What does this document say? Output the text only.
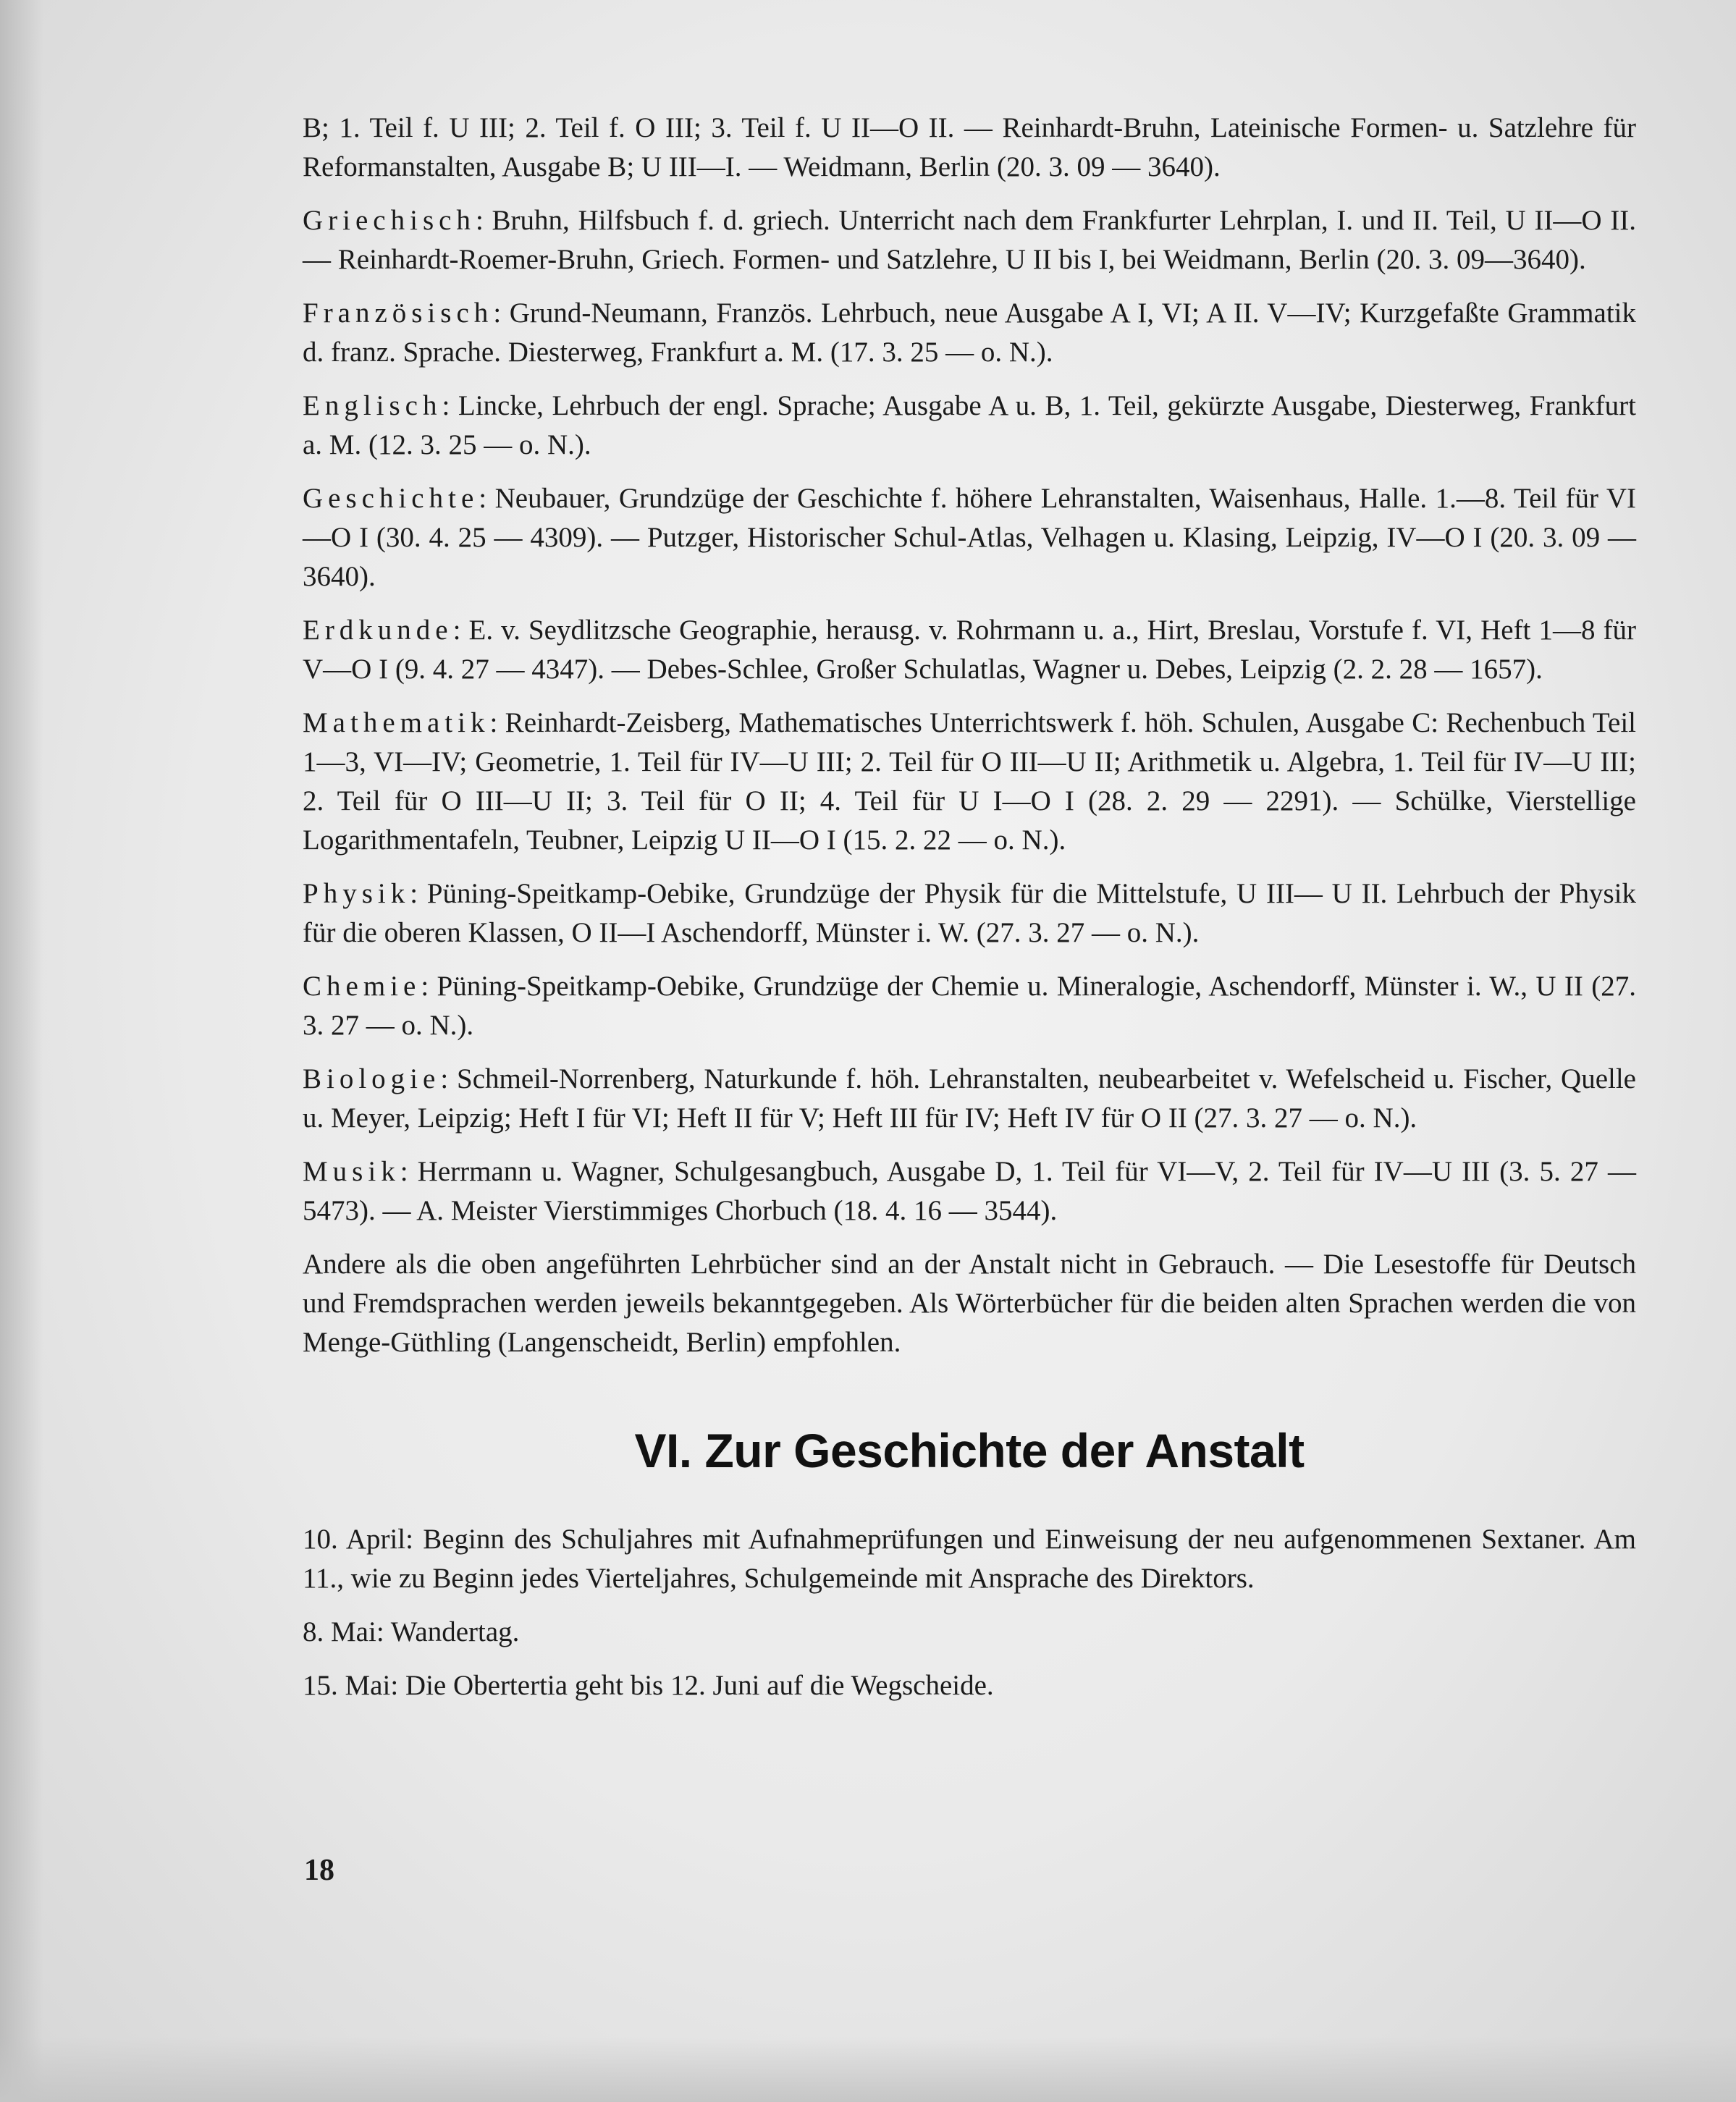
B; 1. Teil f. U III; 2. Teil f. O III; 3. Teil f. U II—O II. — Reinhardt-Bruhn, Lateinische Formen- u. Satzlehre für Reformanstalten, Ausgabe B; U III—I. — Weidmann, Berlin (20. 3. 09 — 3640).

Griechisch: Bruhn, Hilfsbuch f. d. griech. Unterricht nach dem Frankfurter Lehrplan, I. und II. Teil, U II—O II. — Reinhardt-Roemer-Bruhn, Griech. Formen- und Satzlehre, U II bis I, bei Weidmann, Berlin (20. 3. 09—3640).

Französisch: Grund-Neumann, Französ. Lehrbuch, neue Ausgabe A I, VI; A II. V—IV; Kurzgefaßte Grammatik d. franz. Sprache. Diesterweg, Frankfurt a. M. (17. 3. 25 — o. N.).

Englisch: Lincke, Lehrbuch der engl. Sprache; Ausgabe A u. B, 1. Teil, gekürzte Ausgabe, Diesterweg, Frankfurt a. M. (12. 3. 25 — o. N.).

Geschichte: Neubauer, Grundzüge der Geschichte f. höhere Lehranstalten, Waisenhaus, Halle. 1.—8. Teil für VI—O I (30. 4. 25 — 4309). — Putzger, Historischer Schul-Atlas, Velhagen u. Klasing, Leipzig, IV—O I (20. 3. 09 —3640).

Erdkunde: E. v. Seydlitzsche Geographie, herausg. v. Rohrmann u. a., Hirt, Breslau, Vorstufe f. VI, Heft 1—8 für V—O I (9. 4. 27 — 4347). — Debes-Schlee, Großer Schulatlas, Wagner u. Debes, Leipzig (2. 2. 28 — 1657).

Mathematik: Reinhardt-Zeisberg, Mathematisches Unterrichtswerk f. höh. Schulen, Ausgabe C: Rechenbuch Teil 1—3, VI—IV; Geometrie, 1. Teil für IV—U III; 2. Teil für O III—U II; Arithmetik u. Algebra, 1. Teil für IV—U III; 2. Teil für O III—U II; 3. Teil für O II; 4. Teil für U I—O I (28. 2. 29 — 2291). — Schülke, Vierstellige Logarithmentafeln, Teubner, Leipzig U II—O I (15. 2. 22 — o. N.).

Physik: Püning-Speitkamp-Oebike, Grundzüge der Physik für die Mittelstufe, U III— U II. Lehrbuch der Physik für die oberen Klassen, O II—I Aschendorff, Münster i. W. (27. 3. 27 — o. N.).

Chemie: Püning-Speitkamp-Oebike, Grundzüge der Chemie u. Mineralogie, Aschendorff, Münster i. W., U II (27. 3. 27 — o. N.).

Biologie: Schmeil-Norrenberg, Naturkunde f. höh. Lehranstalten, neubearbeitet v. Wefelscheid u. Fischer, Quelle u. Meyer, Leipzig; Heft I für VI; Heft II für V; Heft III für IV; Heft IV für O II (27. 3. 27 — o. N.).

Musik: Herrmann u. Wagner, Schulgesangbuch, Ausgabe D, 1. Teil für VI—V, 2. Teil für IV—U III (3. 5. 27 — 5473). — A. Meister Vierstimmiges Chorbuch (18. 4. 16 — 3544).

Andere als die oben angeführten Lehrbücher sind an der Anstalt nicht in Gebrauch. — Die Lesestoffe für Deutsch und Fremdsprachen werden jeweils bekanntgegeben. Als Wörterbücher für die beiden alten Sprachen werden die von Menge-Güthling (Langenscheidt, Berlin) empfohlen.

VI. Zur Geschichte der Anstalt

10. April: Beginn des Schuljahres mit Aufnahmeprüfungen und Einweisung der neu aufgenommenen Sextaner. Am 11., wie zu Beginn jedes Vierteljahres, Schulgemeinde mit Ansprache des Direktors.

8. Mai: Wandertag.

15. Mai: Die Obertertia geht bis 12. Juni auf die Wegscheide.

18
